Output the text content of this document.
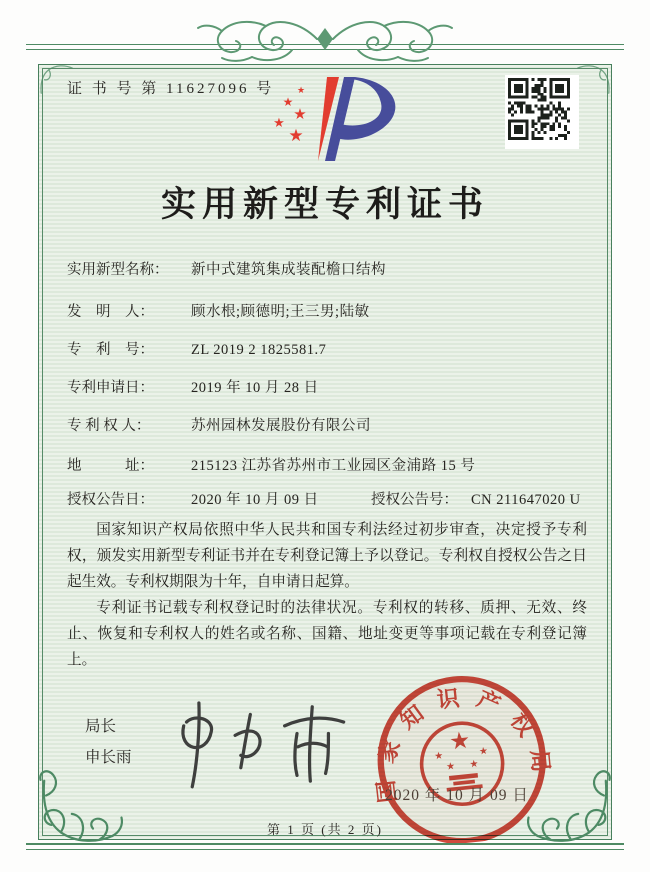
证 书 号 第 11627096 号	★
★
★
★
★
实用新型专利证书
实用新型名称： 新中式建筑集成装配檐口结构
发　明　人：	顾水根;顾德明;王三男;陆敏
专　利　号：	ZL 2019 2 1825581.7
专利申请日：	2019 年 10 月 28 日
专 利 权 人：	苏州园林发展股份有限公司
地　　　址：	215123 江苏省苏州市工业园区金浦路 15 号
授权公告日：	2020 年 10 月 09 日	授权公告号： CN 211647020 U

国家知识产权局依照中华人民共和国专利法经过初步审查，决定授予专利权，颁发实用新型专利证书并在专利登记簿上予以登记。专利权自授权公告之日起生效。专利权期限为十年，自申请日起算。

专利证书记载专利权登记时的法律状况。专利权的转移、质押、无效、终止、恢复和专利权人的姓名或名称、国籍、地址变更等事项记载在专利登记簿上。

局长
申长雨
国家知识产权局
★
★
★ ★
★
2020 年 10 月 09 日
第 1 页 (共 2 页)
